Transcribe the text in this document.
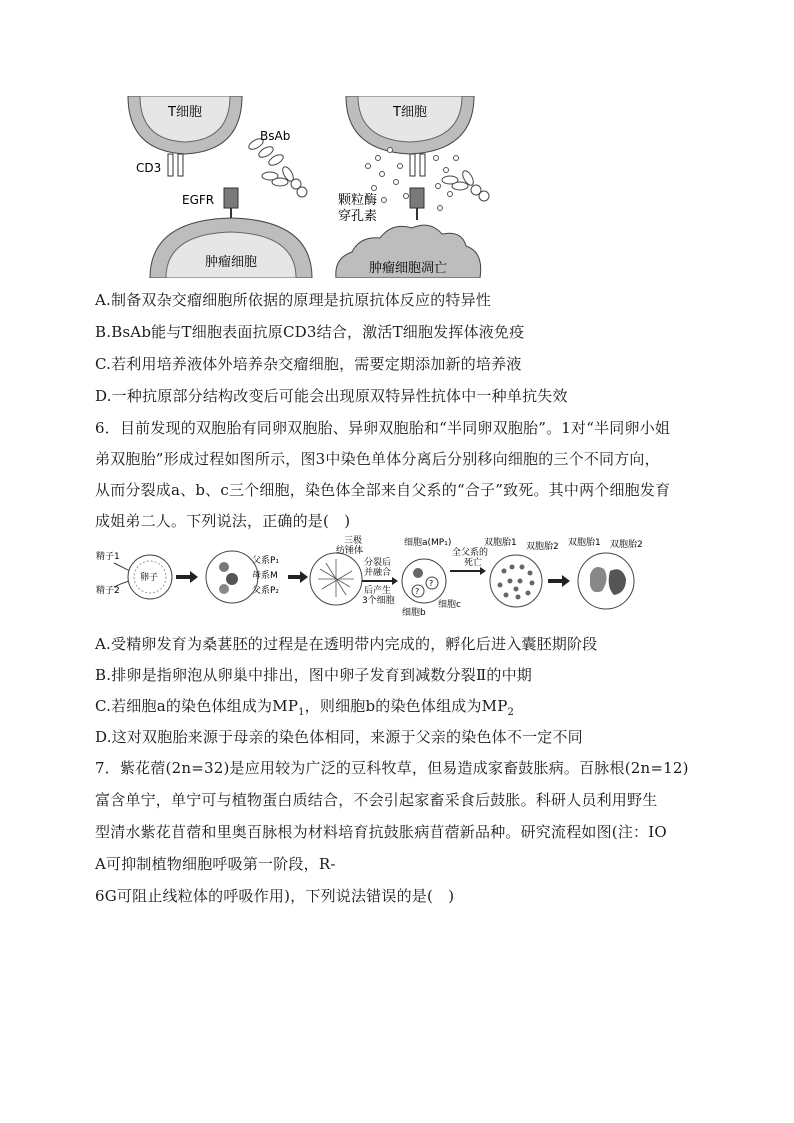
T细胞
CD3
BsAb
EGFR
肿瘤细胞
T细胞
颗粒酶
穿孔素
肿瘤细胞凋亡
A.制备双杂交瘤细胞所依据的原理是抗原抗体反应的特异性
B.BsAb能与T细胞表面抗原CD3结合，激活T细胞发挥体液免疫
C.若利用培养液体外培养杂交瘤细胞，需要定期添加新的培养液
D.一种抗原部分结构改变后可能会出现原双特异性抗体中一种单抗失效
6．目前发现的双胞胎有同卵双胞胎、异卵双胞胎和“半同卵双胞胎”。1对“半同卵小姐
弟双胞胎”形成过程如图所示，图3中染色单体分离后分别移向细胞的三个不同方向，
从而分裂成a、b、c三个细胞，染色体全部来自父系的“合子”致死。其中两个细胞发育
成姐弟二人。下列说法，正确的是(　)
精子1
精子2
卵子
父系P₁
母系M
父系P₂
三极
纺锤体
分裂后
并融合
后产生
3个细胞
?
?
细胞a(MP₁)
细胞b
细胞c
全父系的
死亡
双胞胎1 双胞胎2 双胞胎1 双胞胎2
A.受精卵发育为桑葚胚的过程是在透明带内完成的，孵化后进入囊胚期阶段
B.排卵是指卵泡从卵巢中排出，图中卵子发育到减数分裂Ⅱ的中期
C.若细胞a的染色体组成为$MP_1$，则细胞b的染色体组成为$MP_2$
D.这对双胞胎来源于母亲的染色体相同，来源于父亲的染色体不一定不同
7．紫花蓿(2n=32)是应用较为广泛的豆科牧草，但易造成家畜鼓胀病。百脉根(2n=12)
富含单宁，单宁可与植物蛋白质结合，不会引起家畜采食后鼓胀。科研人员利用野生
型清水紫花苜蓿和里奥百脉根为材料培育抗鼓胀病苜蓿新品种。研究流程如图(注：IO
A可抑制植物细胞呼吸第一阶段，R-
6G可阻止线粒体的呼吸作用)，下列说法错误的是(　)
